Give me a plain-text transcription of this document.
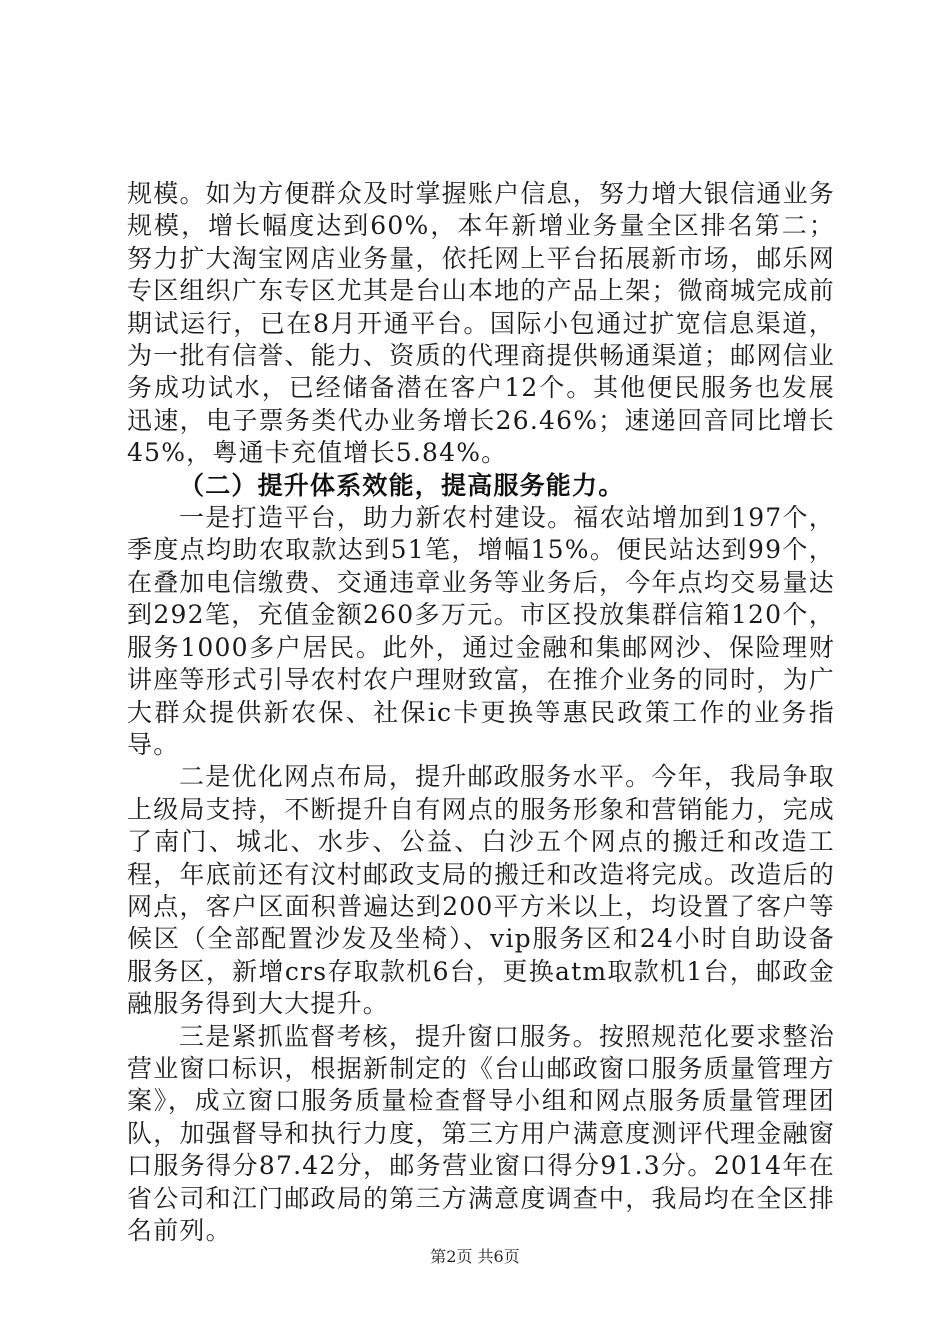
规模。如为方便群众及时掌握账户信息，努力增大银信通业务规模，增长幅度达到60%，本年新增业务量全区排名第二；努力扩大淘宝网店业务量，依托网上平台拓展新市场，邮乐网专区组织广东专区尤其是台山本地的产品上架；微商城完成前期试运行，已在8月开通平台。国际小包通过扩宽信息渠道，为一批有信誉、能力、资质的代理商提供畅通渠道；邮网信业务成功试水，已经储备潜在客户12个。其他便民服务也发展迅速，电子票务类代办业务增长26.46%；速递回音同比增长45%，粤通卡充值增长5.84%。

（二）提升体系效能，提高服务能力。

一是打造平台，助力新农村建设。福农站增加到197个，季度点均助农取款达到51笔，增幅15%。便民站达到99个，在叠加电信缴费、交通违章业务等业务后，今年点均交易量达到292笔，充值金额260多万元。市区投放集群信箱120个，服务1000多户居民。此外，通过金融和集邮网沙、保险理财讲座等形式引导农村农户理财致富，在推介业务的同时，为广大群众提供新农保、社保ic卡更换等惠民政策工作的业务指导。

二是优化网点布局，提升邮政服务水平。今年，我局争取上级局支持，不断提升自有网点的服务形象和营销能力，完成了南门、城北、水步、公益、白沙五个网点的搬迁和改造工程，年底前还有汶村邮政支局的搬迁和改造将完成。改造后的网点，客户区面积普遍达到200平方米以上，均设置了客户等候区（全部配置沙发及坐椅）、vip服务区和24小时自助设备服务区，新增crs存取款机6台，更换atm取款机1台，邮政金融服务得到大大提升。

三是紧抓监督考核，提升窗口服务。按照规范化要求整治营业窗口标识，根据新制定的《台山邮政窗口服务质量管理方案》，成立窗口服务质量检查督导小组和网点服务质量管理团队，加强督导和执行力度，第三方用户满意度测评代理金融窗口服务得分87.42分，邮务营业窗口得分91.3分。2014年在省公司和江门邮政局的第三方满意度调查中，我局均在全区排名前列。

第2页 共6页
